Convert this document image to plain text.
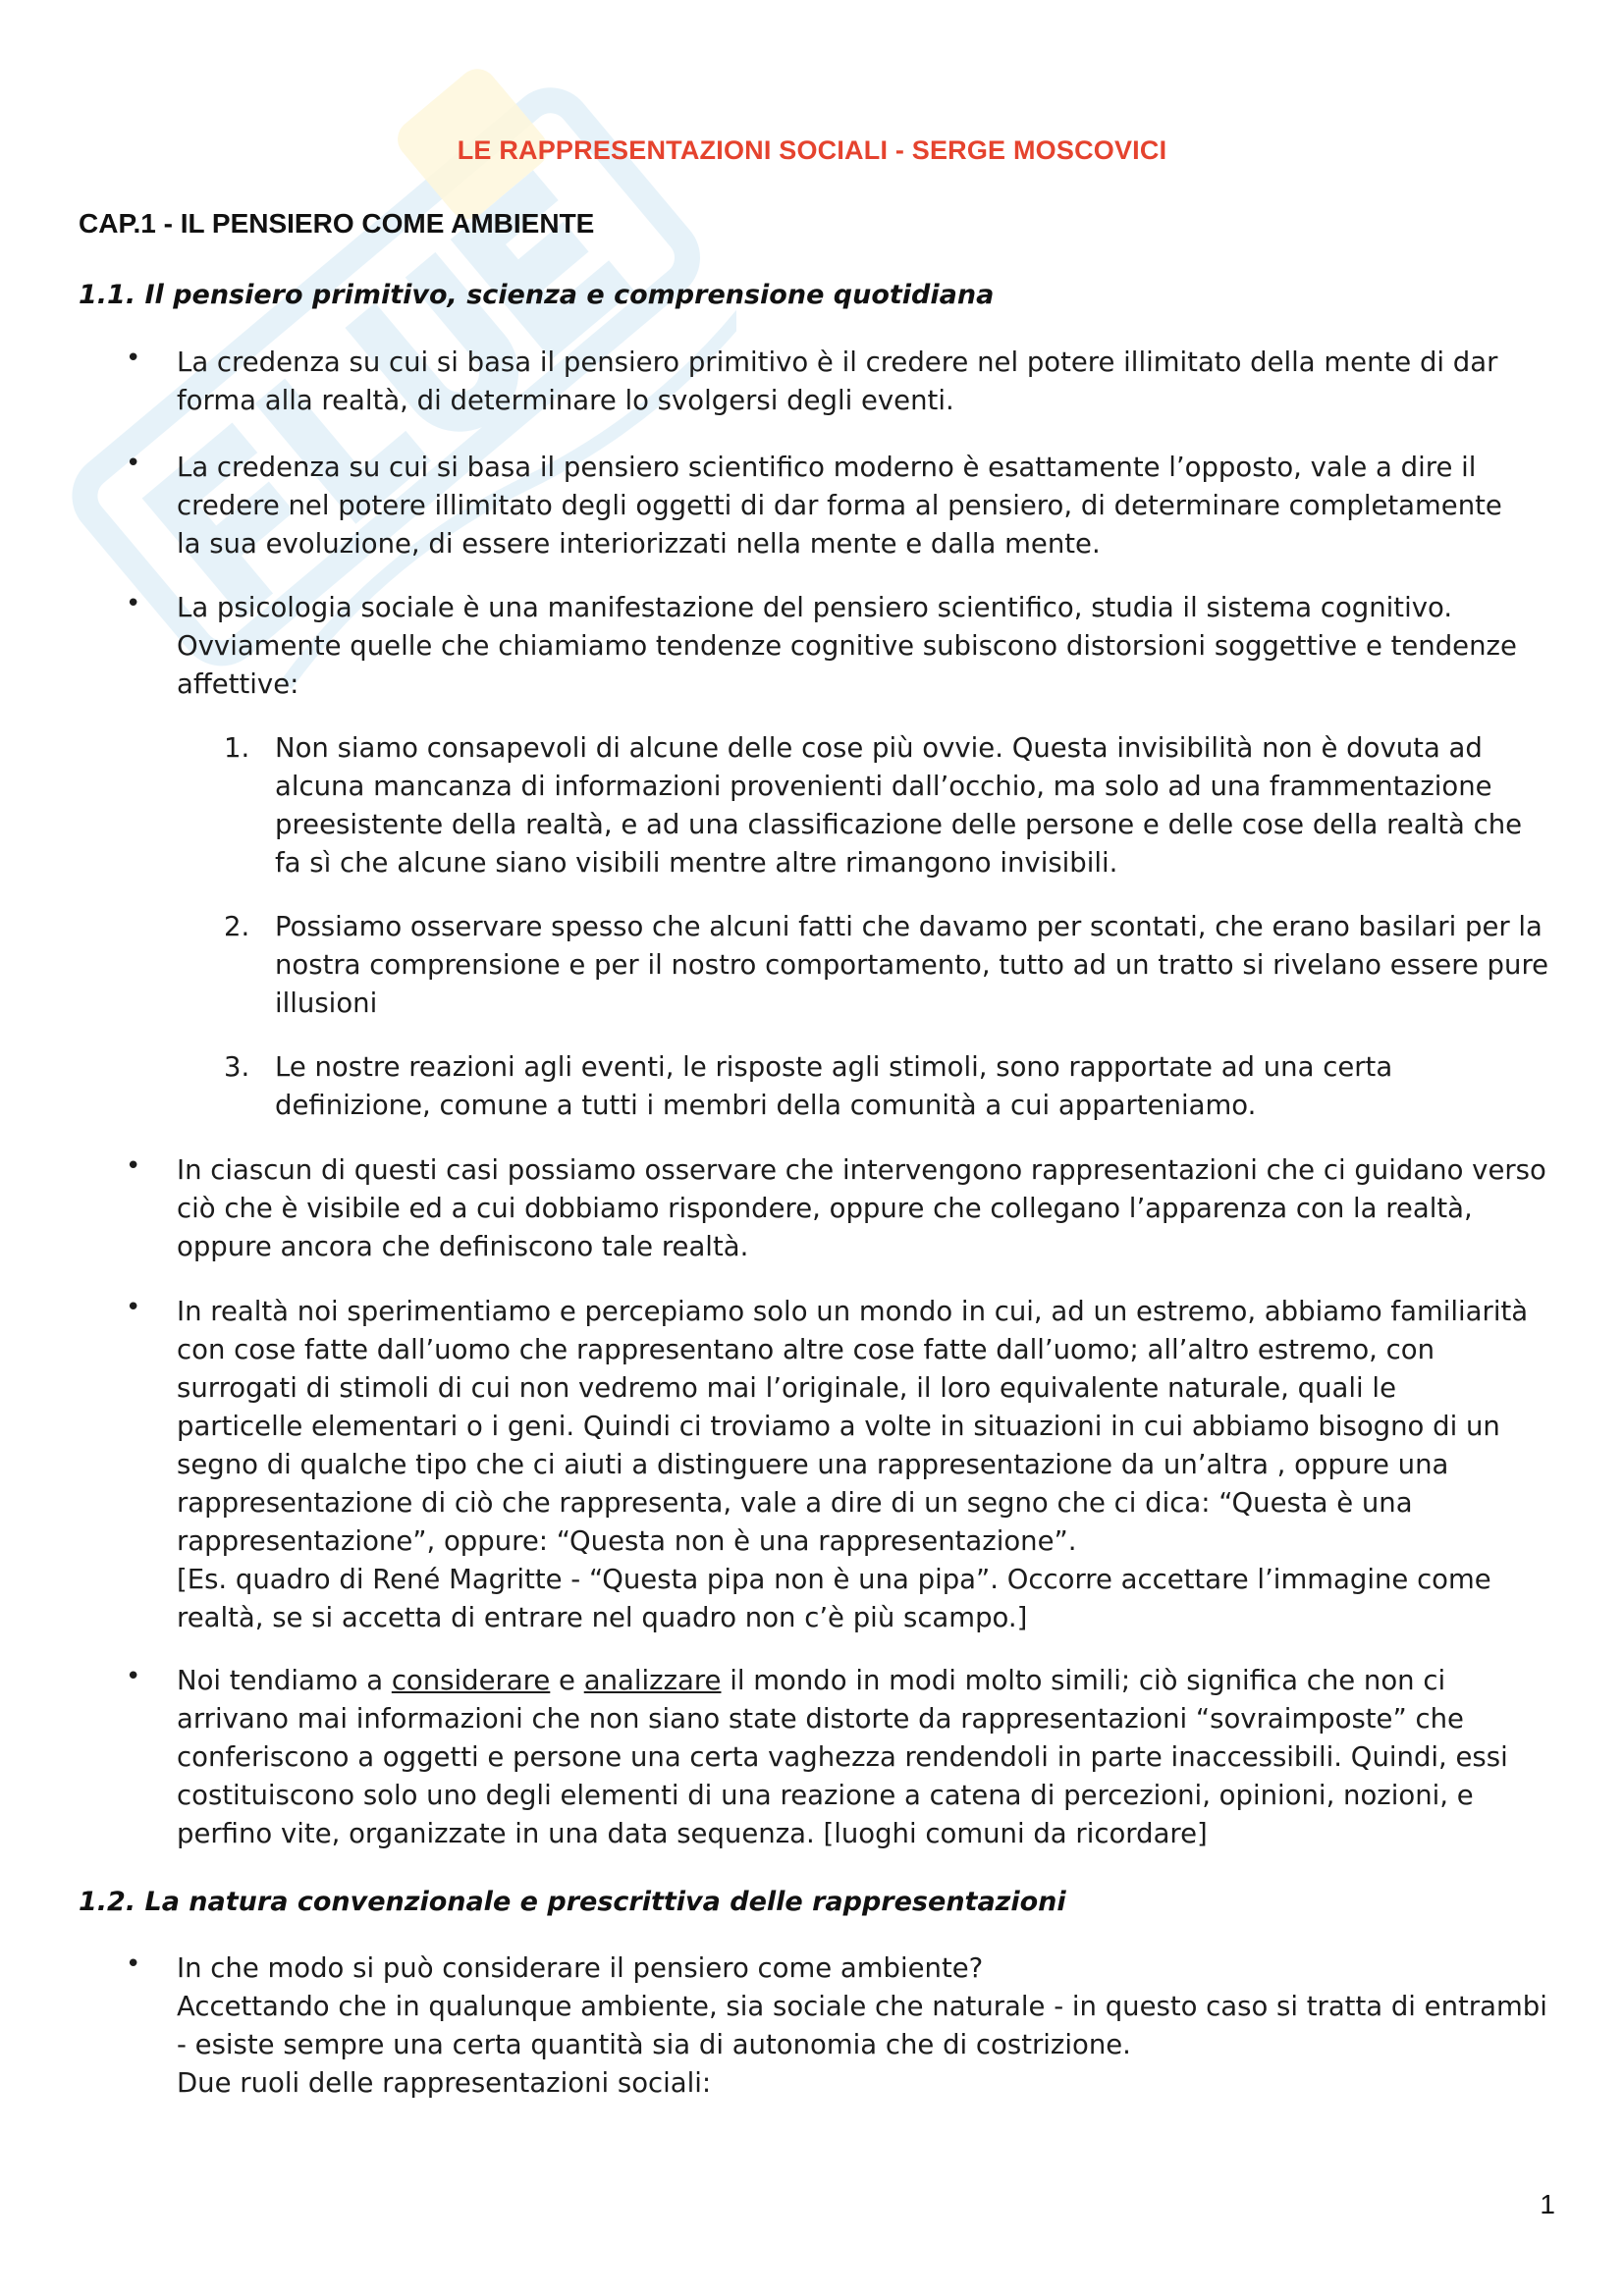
LE RAPPRESENTAZIONI SOCIALI - SERGE MOSCOVICI
CAP.1 - IL PENSIERO COME AMBIENTE
1.1. Il pensiero primitivo, scienza e comprensione quotidiana
• La credenza su cui si basa il pensiero primitivo è il credere nel potere illimitato della mente di dar
forma alla realtà, di determinare lo svolgersi degli eventi.
• La credenza su cui si basa il pensiero scientifico moderno è esattamente l’opposto, vale a dire il
credere nel potere illimitato degli oggetti di dar forma al pensiero, di determinare completamente
la sua evoluzione, di essere interiorizzati nella mente e dalla mente.
• La psicologia sociale è una manifestazione del pensiero scientifico, studia il sistema cognitivo.
Ovviamente quelle che chiamiamo tendenze cognitive subiscono distorsioni soggettive e tendenze
affettive:
1. Non siamo consapevoli di alcune delle cose più ovvie. Questa invisibilità non è dovuta ad
alcuna mancanza di informazioni provenienti dall’occhio, ma solo ad una frammentazione
preesistente della realtà, e ad una classificazione delle persone e delle cose della realtà che
fa sì che alcune siano visibili mentre altre rimangono invisibili.
2. Possiamo osservare spesso che alcuni fatti che davamo per scontati, che erano basilari per la
nostra comprensione e per il nostro comportamento, tutto ad un tratto si rivelano essere pure
illusioni
3. Le nostre reazioni agli eventi, le risposte agli stimoli, sono rapportate ad una certa
definizione, comune a tutti i membri della comunità a cui apparteniamo.
• In ciascun di questi casi possiamo osservare che intervengono rappresentazioni che ci guidano verso
ciò che è visibile ed a cui dobbiamo rispondere, oppure che collegano l’apparenza con la realtà,
oppure ancora che definiscono tale realtà.
• In realtà noi sperimentiamo e percepiamo solo un mondo in cui, ad un estremo, abbiamo familiarità
con cose fatte dall’uomo che rappresentano altre cose fatte dall’uomo; all’altro estremo, con
surrogati di stimoli di cui non vedremo mai l’originale, il loro equivalente naturale, quali le
particelle elementari o i geni. Quindi ci troviamo a volte in situazioni in cui abbiamo bisogno di un
segno di qualche tipo che ci aiuti a distinguere una rappresentazione da un’altra , oppure una
rappresentazione di ciò che rappresenta, vale a dire di un segno che ci dica: “Questa è una
rappresentazione”, oppure: “Questa non è una rappresentazione”.
[Es. quadro di René Magritte - “Questa pipa non è una pipa”. Occorre accettare l’immagine come
realtà, se si accetta di entrare nel quadro non c’è più scampo.]
• Noi tendiamo a considerare e analizzare il mondo in modi molto simili; ciò significa che non ci
arrivano mai informazioni che non siano state distorte da rappresentazioni “sovraimposte” che
conferiscono a oggetti e persone una certa vaghezza rendendoli in parte inaccessibili. Quindi, essi
costituiscono solo uno degli elementi di una reazione a catena di percezioni, opinioni, nozioni, e
perfino vite, organizzate in una data sequenza. [luoghi comuni da ricordare]
1.2. La natura convenzionale e prescrittiva delle rappresentazioni
• In che modo si può considerare il pensiero come ambiente?
Accettando che in qualunque ambiente, sia sociale che naturale - in questo caso si tratta di entrambi
- esiste sempre una certa quantità sia di autonomia che di costrizione.
Due ruoli delle rappresentazioni sociali:
1
